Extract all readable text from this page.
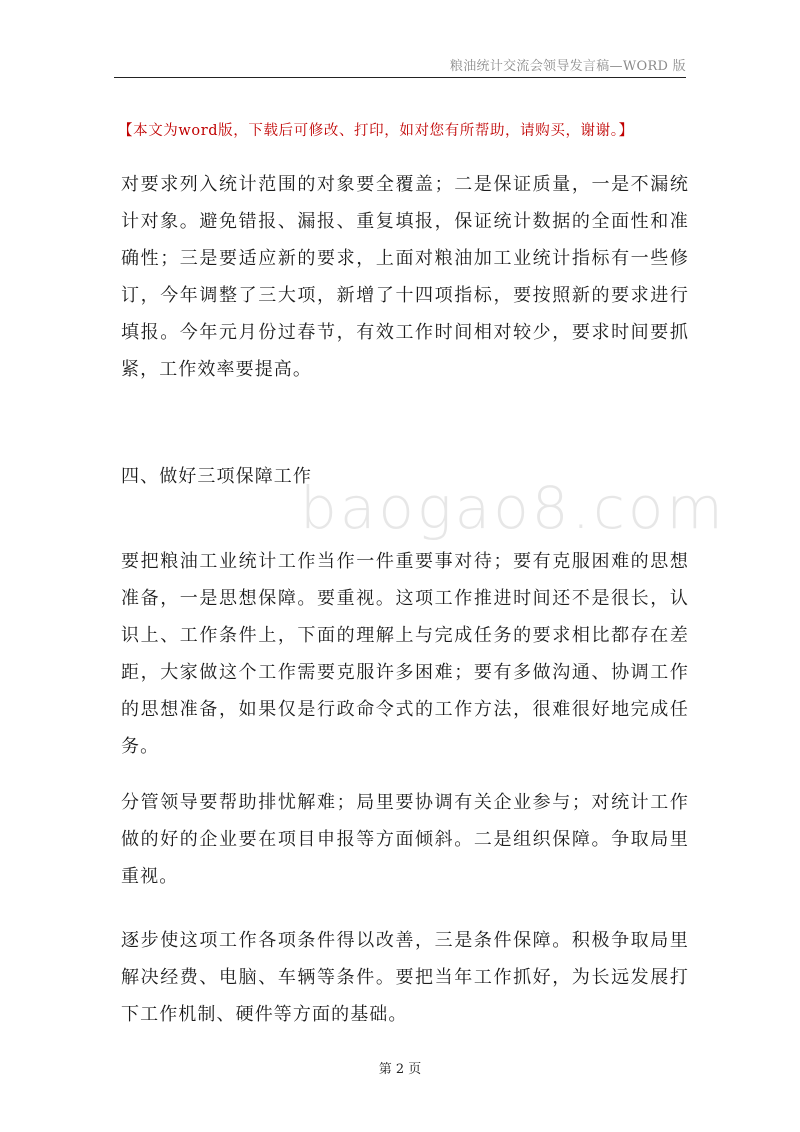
粮油统计交流会领导发言稿—WORD 版
【本文为word版，下载后可修改、打印，如对您有所帮助，请购买，谢谢。】
baogao8.com

对要求列入统计范围的对象要全覆盖；二是保证质量，一是不漏统计对象。避免错报、漏报、重复填报，保证统计数据的全面性和准确性；三是要适应新的要求，上面对粮油加工业统计指标有一些修订，今年调整了三大项，新增了十四项指标，要按照新的要求进行填报。今年元月份过春节，有效工作时间相对较少，要求时间要抓紧，工作效率要提高。

四、做好三项保障工作

要把粮油工业统计工作当作一件重要事对待；要有克服困难的思想准备，一是思想保障。要重视。这项工作推进时间还不是很长，认识上、工作条件上，下面的理解上与完成任务的要求相比都存在差距，大家做这个工作需要克服许多困难；要有多做沟通、协调工作的思想准备，如果仅是行政命令式的工作方法，很难很好地完成任务。

分管领导要帮助排忧解难；局里要协调有关企业参与；对统计工作做的好的企业要在项目申报等方面倾斜。二是组织保障。争取局里重视。

逐步使这项工作各项条件得以改善，三是条件保障。积极争取局里解决经费、电脑、车辆等条件。要把当年工作抓好，为长远发展打下工作机制、硬件等方面的基础。

第 2 页
